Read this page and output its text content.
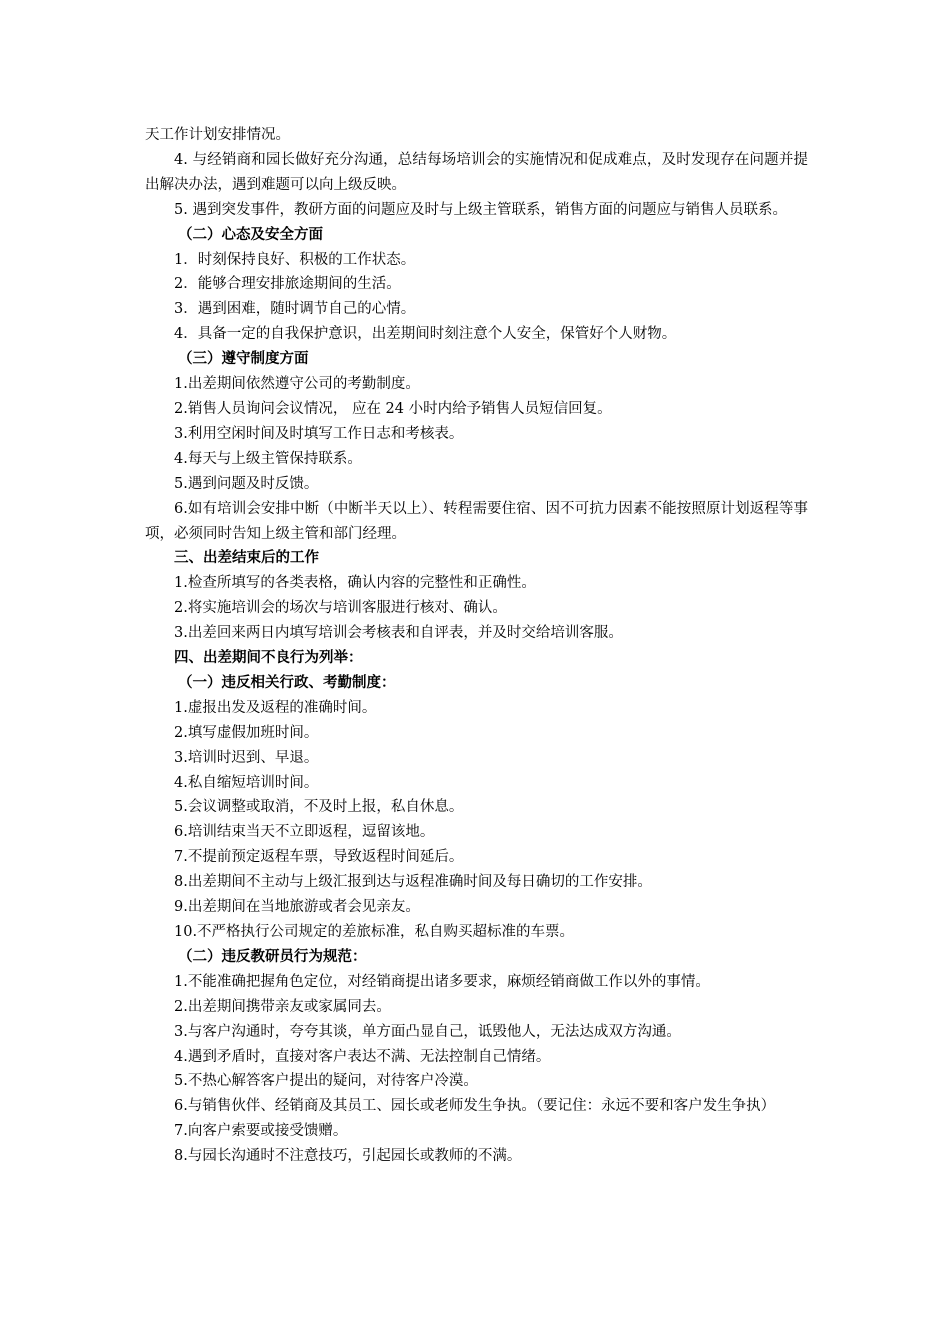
天工作计划安排情况。

4. 与经销商和园长做好充分沟通，总结每场培训会的实施情况和促成难点，及时发现存在问题并提出解决办法，遇到难题可以向上级反映。

5. 遇到突发事件，教研方面的问题应及时与上级主管联系，销售方面的问题应与销售人员联系。

（二）心态及安全方面

1．时刻保持良好、积极的工作状态。

2．能够合理安排旅途期间的生活。

3．遇到困难，随时调节自己的心情。

4．具备一定的自我保护意识，出差期间时刻注意个人安全，保管好个人财物。

（三）遵守制度方面

1.出差期间依然遵守公司的考勤制度。

2.销售人员询问会议情况， 应在 24 小时内给予销售人员短信回复。

3.利用空闲时间及时填写工作日志和考核表。

4.每天与上级主管保持联系。

5.遇到问题及时反馈。

6.如有培训会安排中断（中断半天以上）、转程需要住宿、因不可抗力因素不能按照原计划返程等事项，必须同时告知上级主管和部门经理。

三、出差结束后的工作

1.检查所填写的各类表格，确认内容的完整性和正确性。

2.将实施培训会的场次与培训客服进行核对、确认。

3.出差回来两日内填写培训会考核表和自评表，并及时交给培训客服。

四、出差期间不良行为列举：

（一）违反相关行政、考勤制度：

1.虚报出发及返程的准确时间。

2.填写虚假加班时间。

3.培训时迟到、早退。

4.私自缩短培训时间。

5.会议调整或取消，不及时上报，私自休息。

6.培训结束当天不立即返程，逗留该地。

7.不提前预定返程车票，导致返程时间延后。

8.出差期间不主动与上级汇报到达与返程准确时间及每日确切的工作安排。

9.出差期间在当地旅游或者会见亲友。

10.不严格执行公司规定的差旅标准，私自购买超标准的车票。

（二）违反教研员行为规范：

1.不能准确把握角色定位，对经销商提出诸多要求，麻烦经销商做工作以外的事情。

2.出差期间携带亲友或家属同去。

3.与客户沟通时，夸夸其谈，单方面凸显自己，诋毁他人，无法达成双方沟通。

4.遇到矛盾时，直接对客户表达不满、无法控制自己情绪。

5.不热心解答客户提出的疑问，对待客户冷漠。

6.与销售伙伴、经销商及其员工、园长或老师发生争执。（要记住：永远不要和客户发生争执）

7.向客户索要或接受馈赠。

8.与园长沟通时不注意技巧，引起园长或教师的不满。
